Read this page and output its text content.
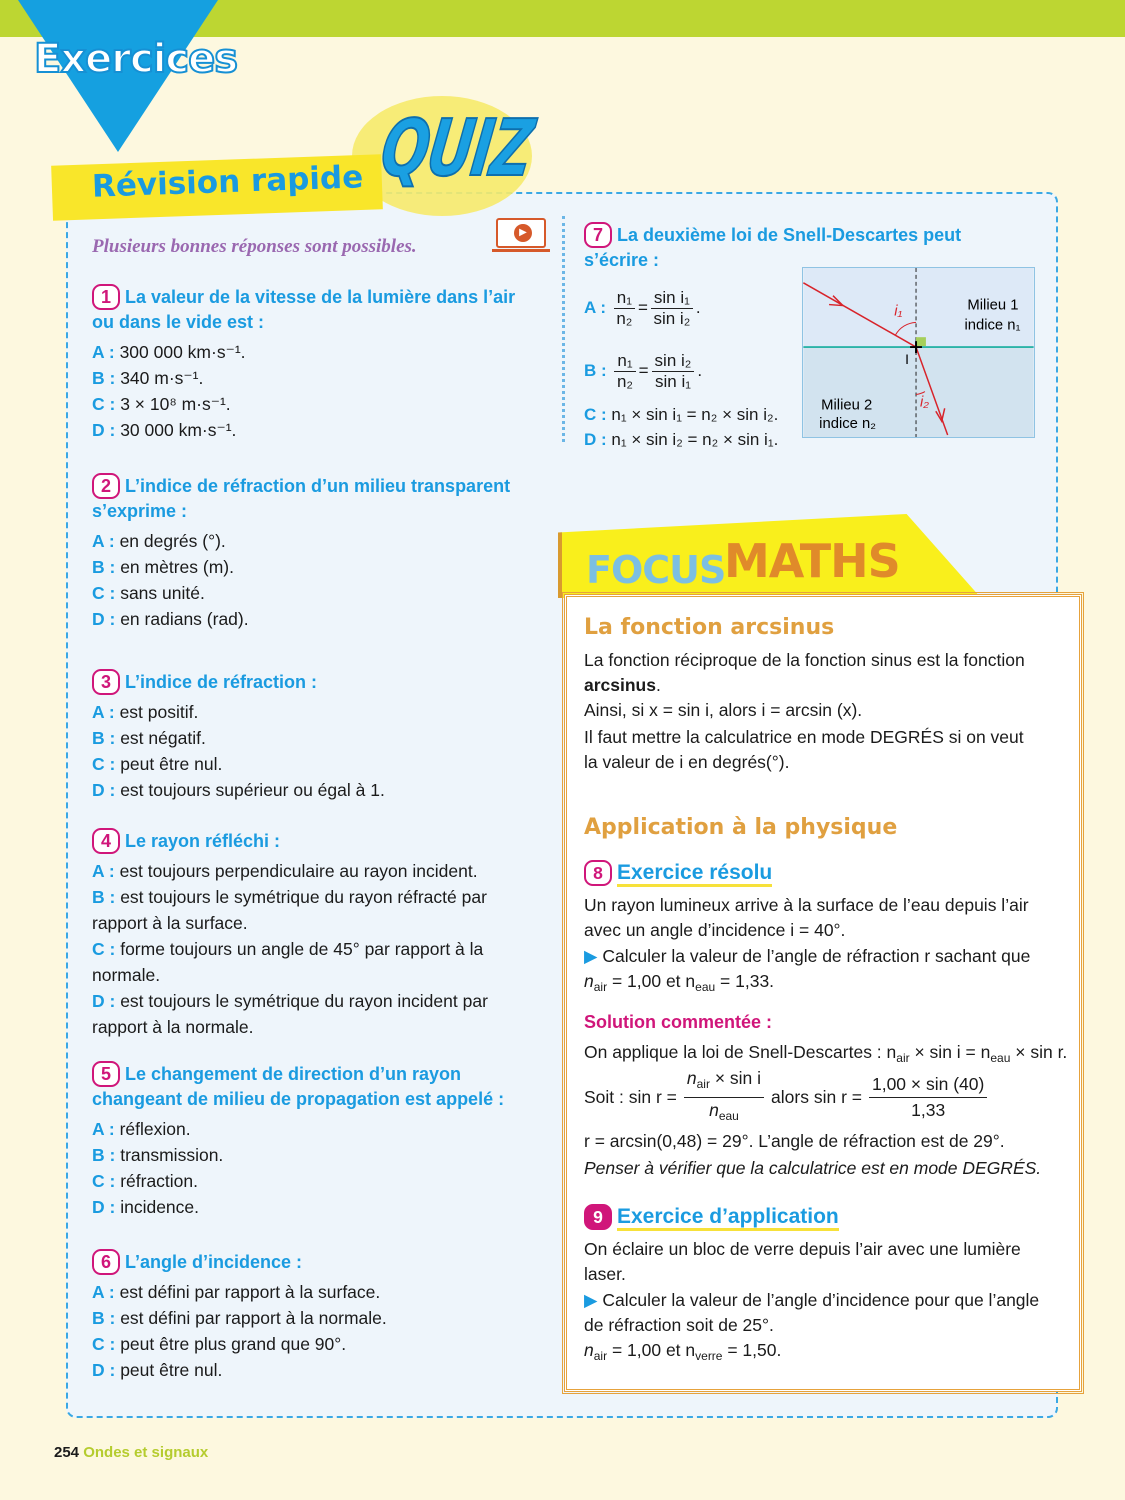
Exercices
Révision rapide QUIZ
Plusieurs bonnes réponses sont possibles.
▶
1 La valeur de la vitesse de la lumière dans l’air ou dans le vide est :
A : 300 000 km·s⁻¹.
B : 340 m·s⁻¹.
C : 3 × 10⁸ m·s⁻¹.
D : 30 000 km·s⁻¹.
2 L’indice de réfraction d’un milieu transparent s’exprime :
A : en degrés (°).
B : en mètres (m).
C : sans unité.
D : en radians (rad).
3 L’indice de réfraction :
A : est positif.
B : est négatif.
C : peut être nul.
D : est toujours supérieur ou égal à 1.
4 Le rayon réfléchi :
A : est toujours perpendiculaire au rayon incident.
B : est toujours le symétrique du rayon réfracté par rapport à la surface.
C : forme toujours un angle de 45° par rapport à la normale.
D : est toujours le symétrique du rayon incident par rapport à la normale.
5 Le changement de direction d’un rayon changeant de milieu de propagation est appelé :
A : réflexion.
B : transmission.
C : réfraction.
D : incidence.
6 L’angle d’incidence :
A : est défini par rapport à la surface.
B : est défini par rapport à la normale.
C : peut être plus grand que 90°.
D : peut être nul.
7 La deuxième loi de Snell-Descartes peut s’écrire :
A :
$\frac{\text{n₁}}{\text{n₂}} = \frac{\text{sin i₁}}{\text{sin i₂}}$ .
B :
$\frac{\text{n₁}}{\text{n₂}} = \frac{\text{sin i₂}}{\text{sin i₁}}$ .
C : n₁ × sin i₁ = n₂ × sin i₂.
D : n₁ × sin i₂ = n₂ × sin i₁.
i₁
i₂
I
Milieu 1
indice n₁
Milieu 2
indice n₂
FOCUS
MATHS
La fonction arcsinus
La fonction réciproque de la fonction sinus est la fonction arcsinus.
Ainsi, si x = sin i, alors i = arcsin (x).
Il faut mettre la calculatrice en mode DEGRÉS si on veut la valeur de i en degrés(°).
Application à la physique
8 Exercice résolu
Un rayon lumineux arrive à la surface de l’eau depuis l’air avec un angle d’incidence i = 40°.
▶ Calculer la valeur de l’angle de réfraction r sachant que
$n_{air} = 1,00$ et $n_{eau} = 1,33$.
Solution commentée :
On applique la loi de Snell-Descartes : $n_{air} \times \sin i = n_{eau} \times \sin r$.
Soit : $\sin r = \frac{n_{air} \times \sin i}{n_{eau}}$ alors $\sin r = \frac{1,00 \times \sin (40)}{1,33}$
r = arcsin(0,48) = 29°. L’angle de réfraction est de 29°.
Penser à vérifier que la calculatrice est en mode DEGRÉS.
9 Exercice d’application
On éclaire un bloc de verre depuis l’air avec une lumière laser.
▶ Calculer la valeur de l’angle d’incidence pour que l’angle de réfraction soit de 25°.
$n_{air} = 1,00$ et $n_{verre} = 1,50$.
254 Ondes et signaux
